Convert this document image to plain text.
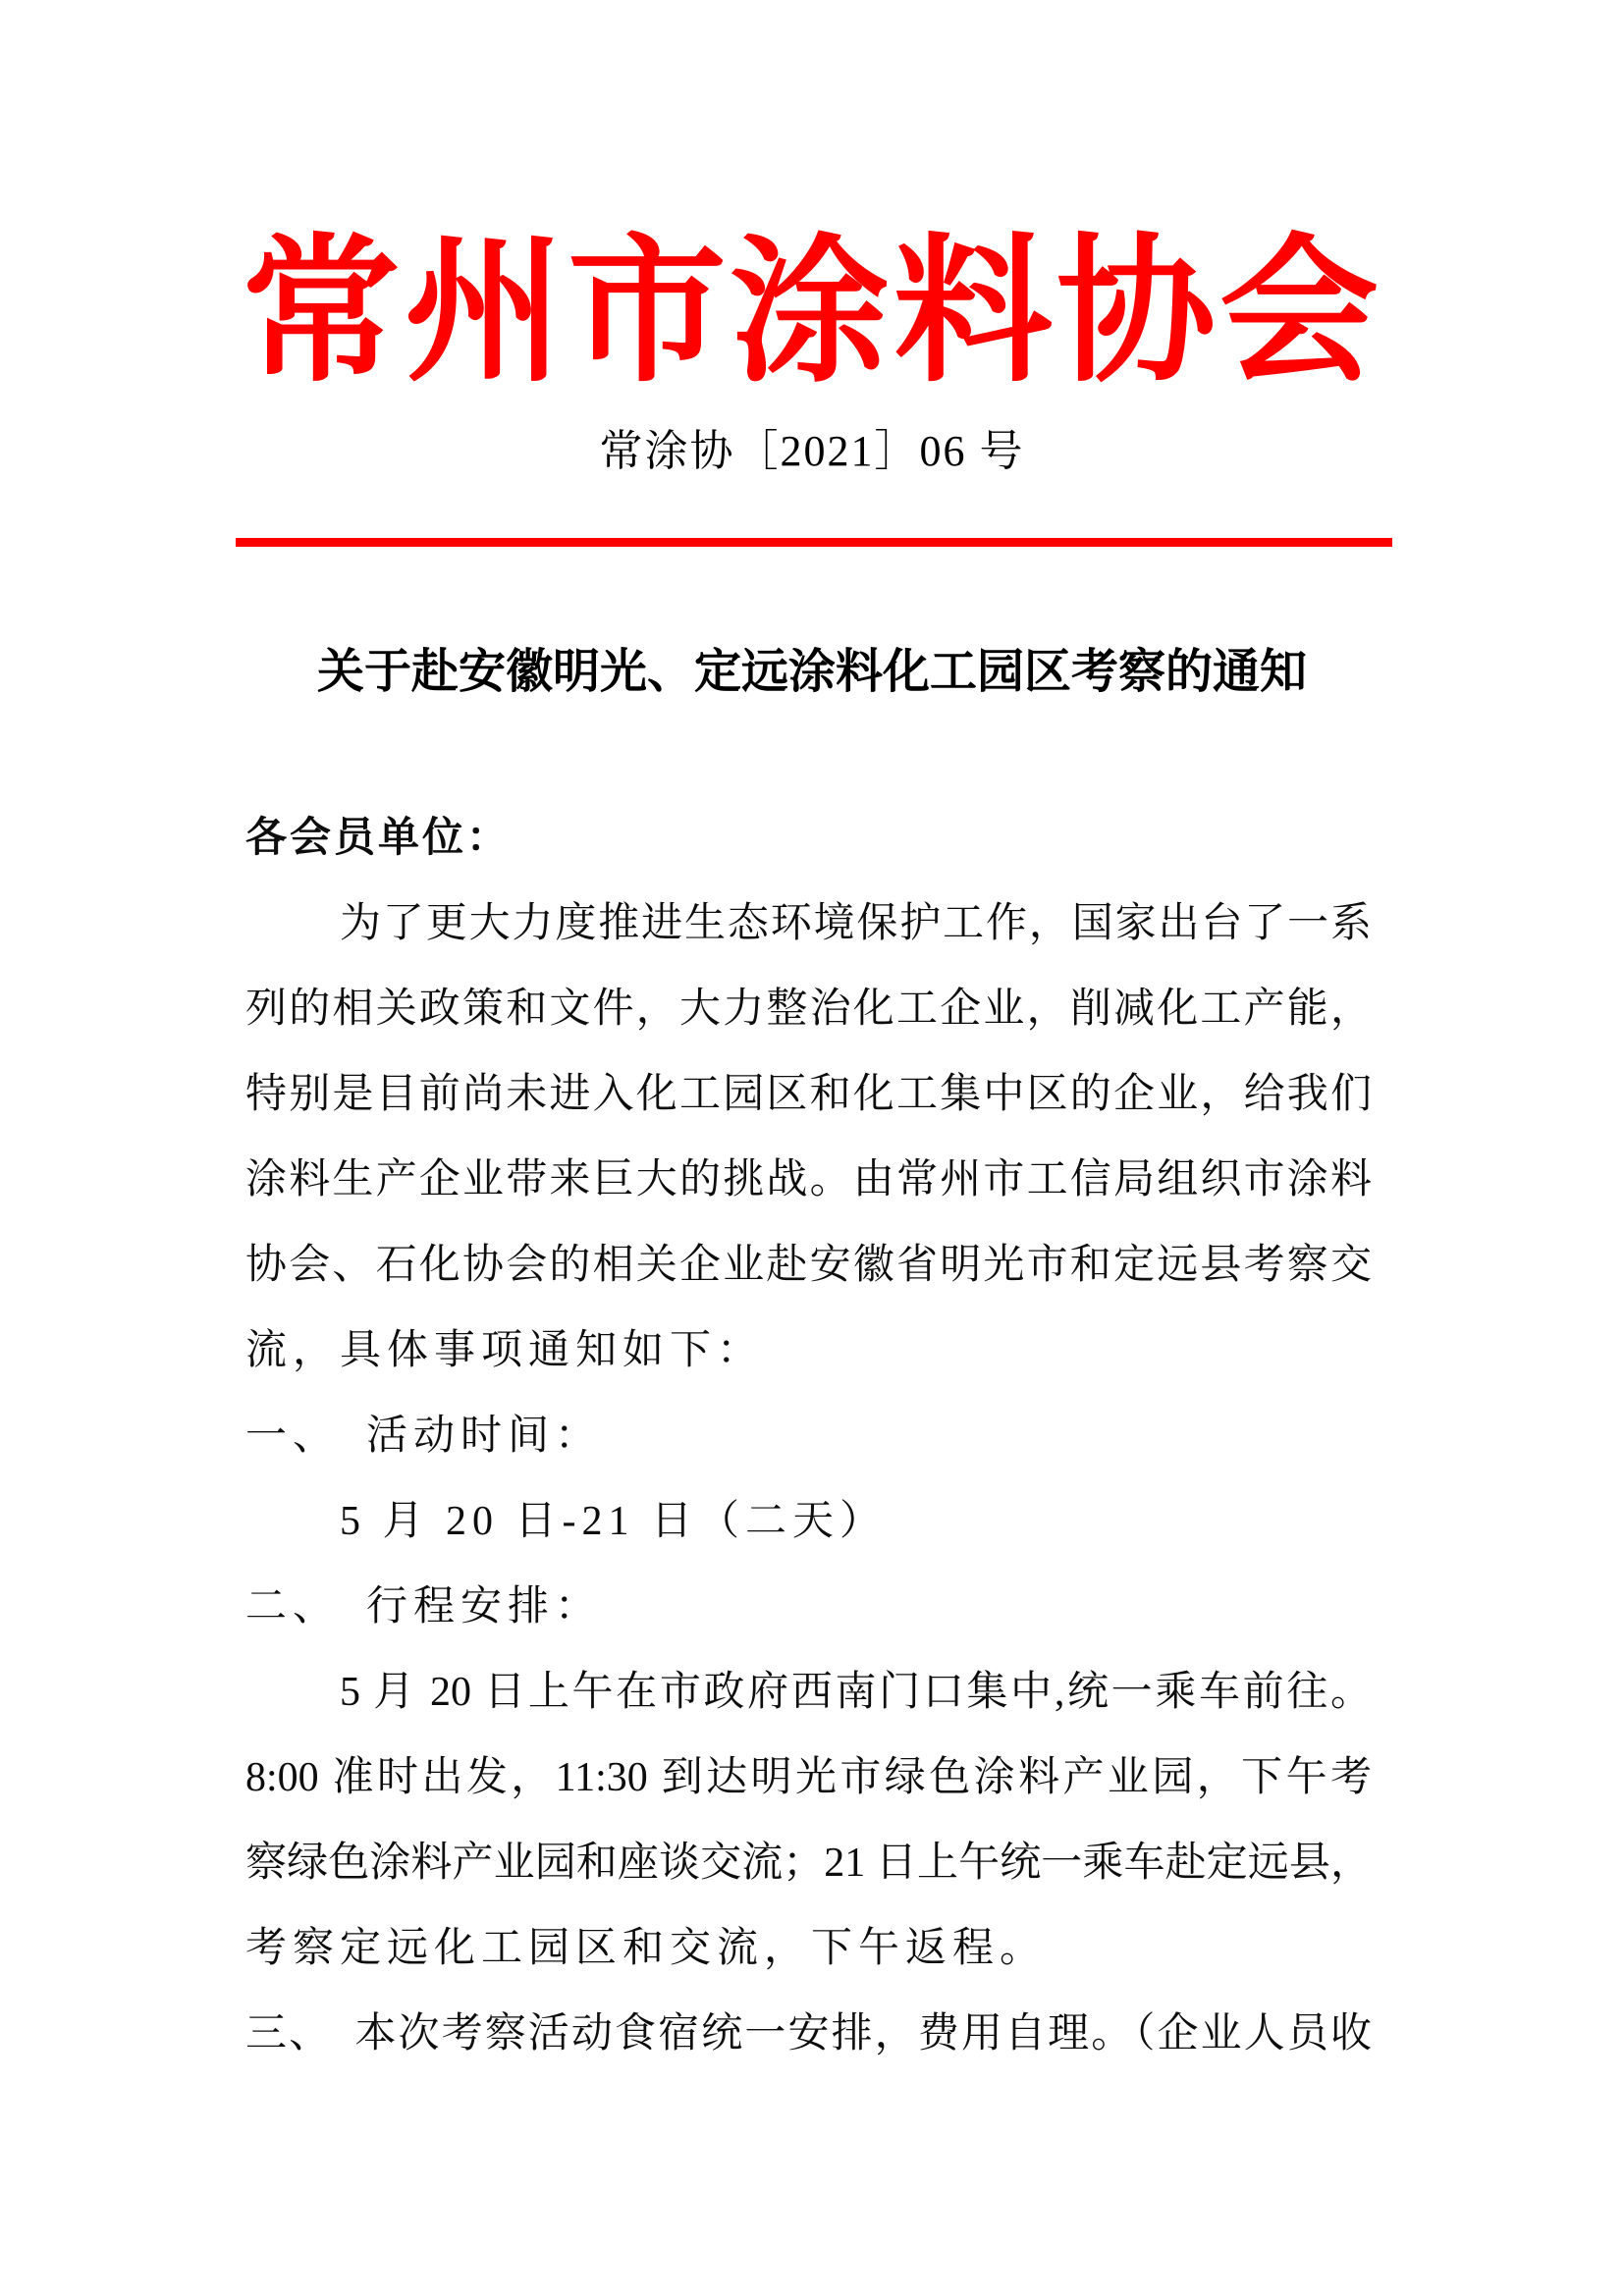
常州市涂料协会
常涂协［2021］06 号
关于赴安徽明光、定远涂料化工园区考察的通知
各会员单位：
为了更大力度推进生态环境保护工作，国家出台了一系
列的相关政策和文件，大力整治化工企业，削减化工产能，
特别是目前尚未进入化工园区和化工集中区的企业，给我们
涂料生产企业带来巨大的挑战。由常州市工信局组织市涂料
协会、石化协会的相关企业赴安徽省明光市和定远县考察交
流，具体事项通知如下：
一、　活动时间：
5 月 20 日-21 日（二天）
二、　行程安排：
5 月 20 日上午在市政府西南门口集中,统一乘车前往。
8:00 准时出发，11:30 到达明光市绿色涂料产业园，下午考
察绿色涂料产业园和座谈交流；21 日上午统一乘车赴定远县，
考察定远化工园区和交流，下午返程。
三、　本次考察活动食宿统一安排，费用自理。（企业人员收
